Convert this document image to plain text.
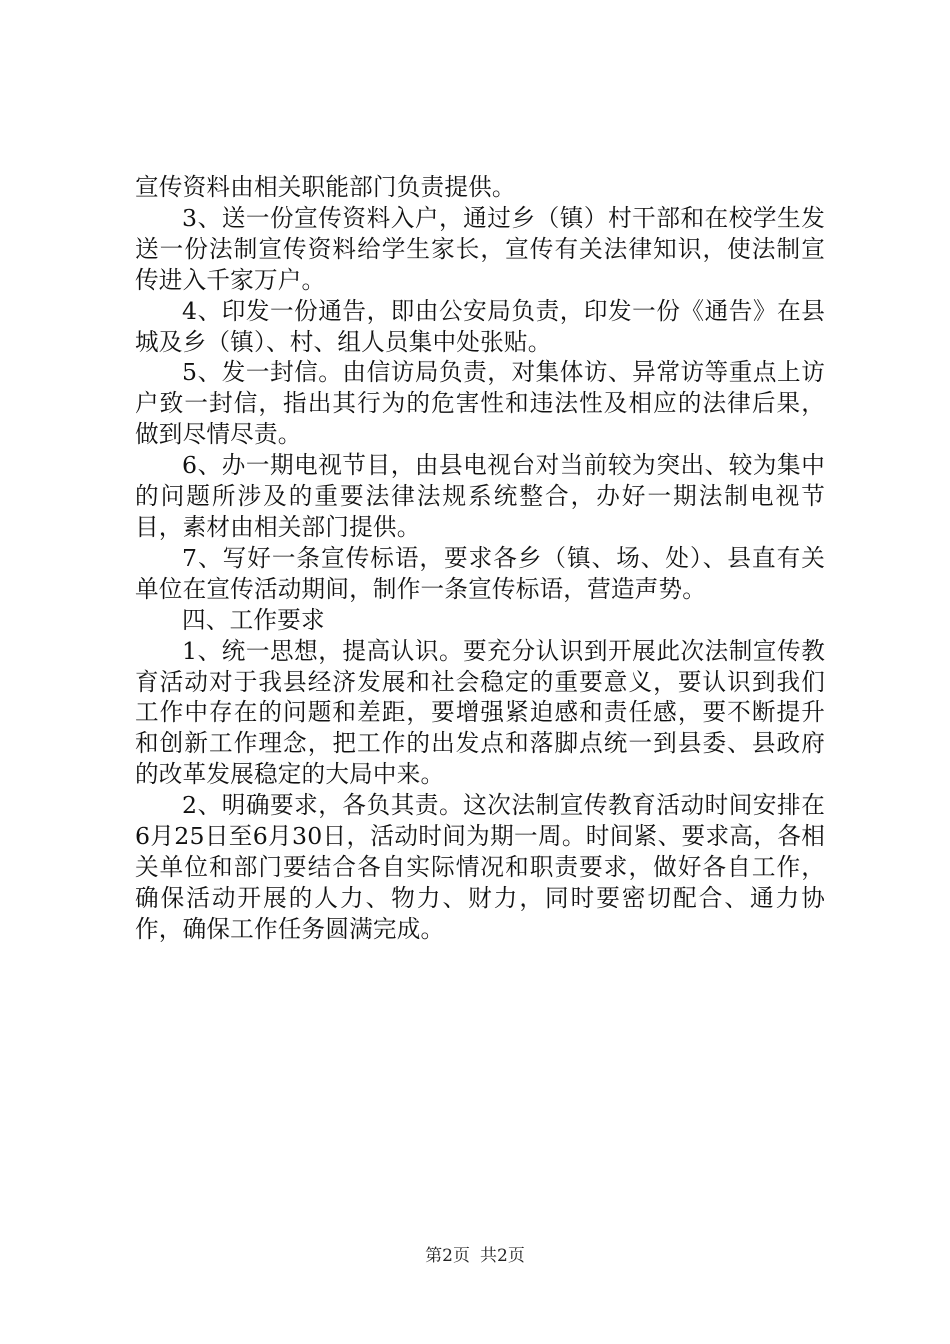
宣传资料由相关职能部门负责提供。

3、送一份宣传资料入户，通过乡（镇）村干部和在校学生发送一份法制宣传资料给学生家长，宣传有关法律知识，使法制宣传进入千家万户。

4、印发一份通告，即由公安局负责，印发一份《通告》在县城及乡（镇）、村、组人员集中处张贴。

5、发一封信。由信访局负责，对集体访、异常访等重点上访户致一封信，指出其行为的危害性和违法性及相应的法律后果，做到尽情尽责。

6、办一期电视节目，由县电视台对当前较为突出、较为集中的问题所涉及的重要法律法规系统整合，办好一期法制电视节目，素材由相关部门提供。

7、写好一条宣传标语，要求各乡（镇、场、处）、县直有关单位在宣传活动期间，制作一条宣传标语，营造声势。

四、工作要求

1、统一思想，提高认识。要充分认识到开展此次法制宣传教育活动对于我县经济发展和社会稳定的重要意义，要认识到我们工作中存在的问题和差距，要增强紧迫感和责任感，要不断提升和创新工作理念，把工作的出发点和落脚点统一到县委、县政府的改革发展稳定的大局中来。

2、明确要求，各负其责。这次法制宣传教育活动时间安排在6月25日至6月30日，活动时间为期一周。时间紧、要求高，各相关单位和部门要结合各自实际情况和职责要求，做好各自工作，确保活动开展的人力、物力、财力，同时要密切配合、通力协作，确保工作任务圆满完成。

第2页 共2页
